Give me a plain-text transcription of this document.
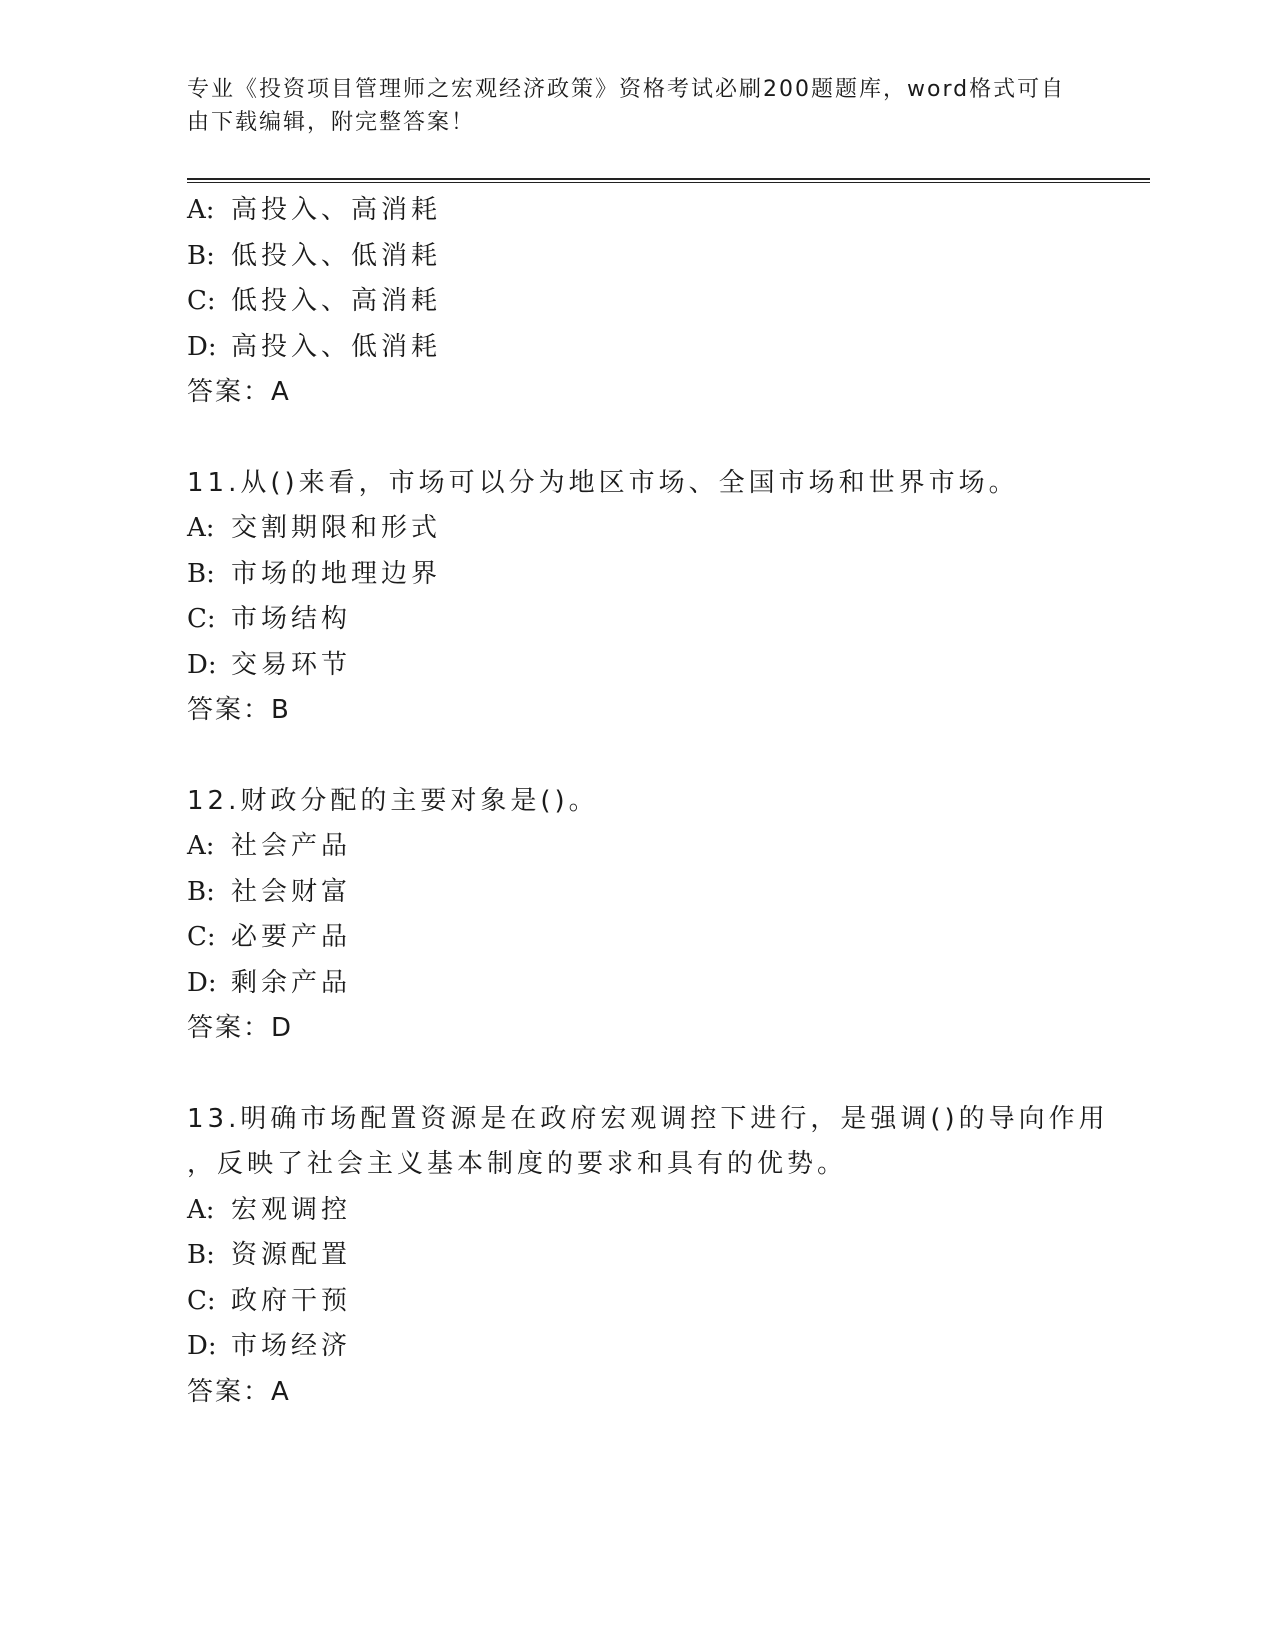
专业《投资项目管理师之宏观经济政策》资格考试必刷200题题库，word格式可自由下载编辑，附完整答案！
A: 高投入、高消耗
B: 低投入、低消耗
C: 低投入、高消耗
D: 高投入、低消耗
答案：A
11.从()来看，市场可以分为地区市场、全国市场和世界市场。
A: 交割期限和形式
B: 市场的地理边界
C: 市场结构
D: 交易环节
答案：B
12.财政分配的主要对象是()。
A: 社会产品
B: 社会财富
C: 必要产品
D: 剩余产品
答案：D
13.明确市场配置资源是在政府宏观调控下进行，是强调()的导向作用
，反映了社会主义基本制度的要求和具有的优势。
A: 宏观调控
B: 资源配置
C: 政府干预
D: 市场经济
答案：A
